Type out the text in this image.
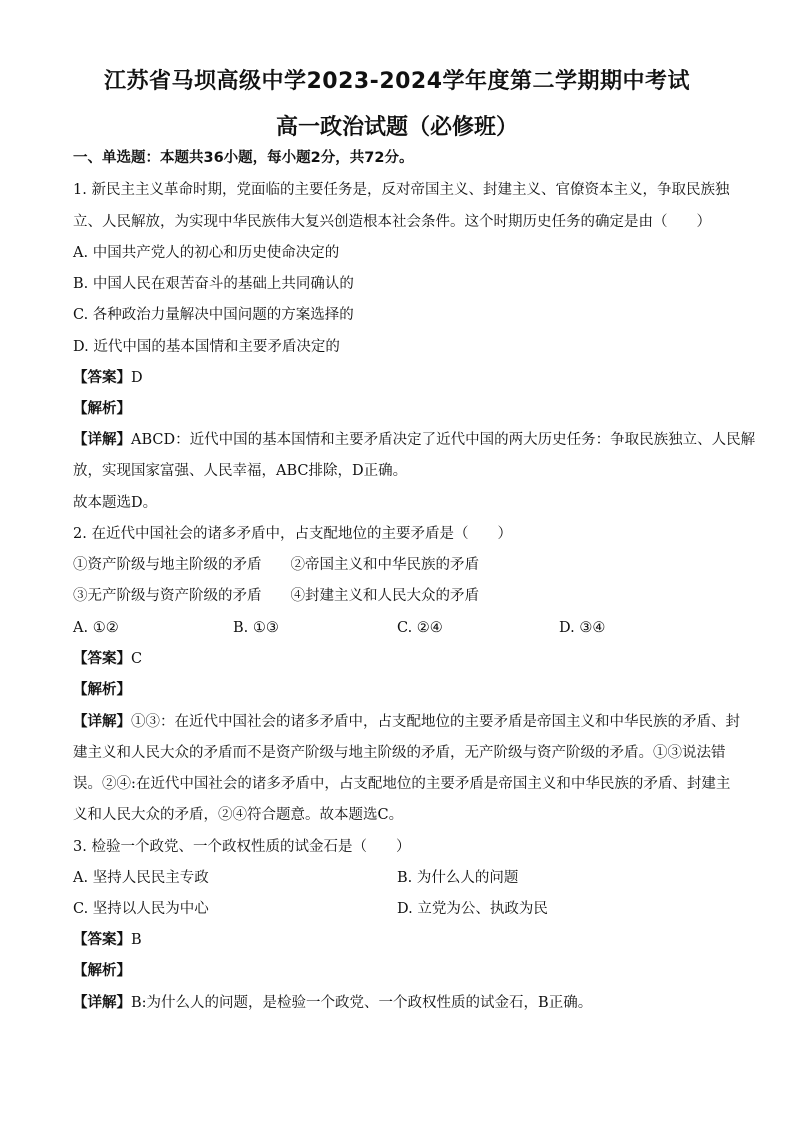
江苏省马坝高级中学2023-2024学年度第二学期期中考试
高一政治试题（必修班）
一、单选题：本题共36小题，每小题2分，共72分。
1. 新民主主义革命时期，党面临的主要任务是，反对帝国主义、封建主义、官僚资本主义，争取民族独
立、人民解放，为实现中华民族伟大复兴创造根本社会条件。这个时期历史任务的确定是由（　　）
A. 中国共产党人的初心和历史使命决定的
B. 中国人民在艰苦奋斗的基础上共同确认的
C. 各种政治力量解决中国问题的方案选择的
D. 近代中国的基本国情和主要矛盾决定的
【答案】D
【解析】
【详解】ABCD：近代中国的基本国情和主要矛盾决定了近代中国的两大历史任务：争取民族独立、人民解
放，实现国家富强、人民幸福，ABC排除，D正确。
故本题选D。
2. 在近代中国社会的诸多矛盾中，占支配地位的主要矛盾是（　　）
①资产阶级与地主阶级的矛盾　　②帝国主义和中华民族的矛盾
③无产阶级与资产阶级的矛盾　　④封建主义和人民大众的矛盾
A. ①②	B. ①③	C. ②④	D. ③④
【答案】C
【解析】
【详解】①③：在近代中国社会的诸多矛盾中，占支配地位的主要矛盾是帝国主义和中华民族的矛盾、封
建主义和人民大众的矛盾而不是资产阶级与地主阶级的矛盾，无产阶级与资产阶级的矛盾。①③说法错
误。②④:在近代中国社会的诸多矛盾中，占支配地位的主要矛盾是帝国主义和中华民族的矛盾、封建主
义和人民大众的矛盾，②④符合题意。故本题选C。
3. 检验一个政党、一个政权性质的试金石是（　　）
A. 坚持人民民主专政	B. 为什么人的问题
C. 坚持以人民为中心	D. 立党为公、执政为民
【答案】B
【解析】
【详解】B:为什么人的问题，是检验一个政党、一个政权性质的试金石，B正确。
